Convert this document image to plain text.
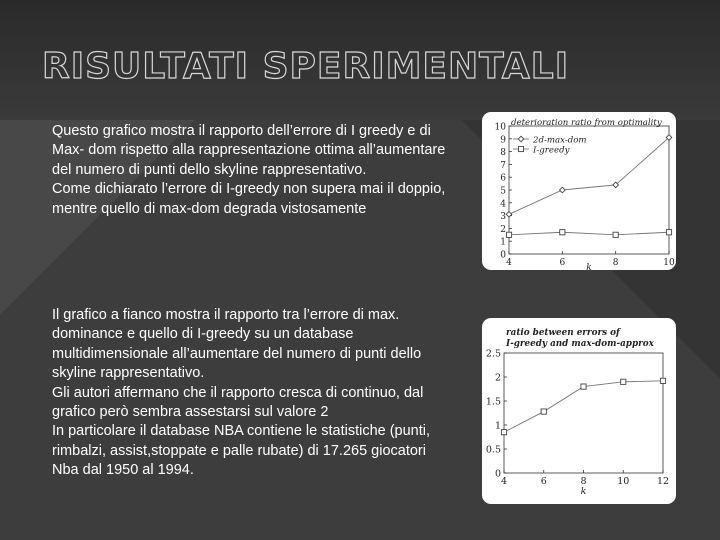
RISULTATI SPERIMENTALI
Questo grafico mostra il rapporto dell’errore di I greedy e di Max- dom rispetto alla rappresentazione ottima all’aumentare del numero di punti dello skyline rappresentativo.
Come dichiarato l’errore di I-greedy non supera mai il doppio, mentre quello di max-dom degrada vistosamente
Il grafico a fianco mostra il rapporto tra l’errore di max. dominance e quello di I-greedy su un database multidimensionale all’aumentare del numero di punti dello skyline rappresentativo.
Gli autori affermano che il rapporto cresca di continuo, dal grafico però sembra assestarsi sul valore 2
In particolare il database NBA contiene le statistiche (punti, rimbalzi, assist,stoppate e palle rubate) di 17.265 giocatori Nba dal 1950 al 1994.
0
1
2
3
4
5
6
7
8
9
10
4	6	8	10
k
deterioration ratio from optimality
2d-max-dom
I-greedy
0
0.5
1
1.5
2
2.5
4	6	8	10	12
k
ratio between errors of
I-greedy and max-dom-approx
